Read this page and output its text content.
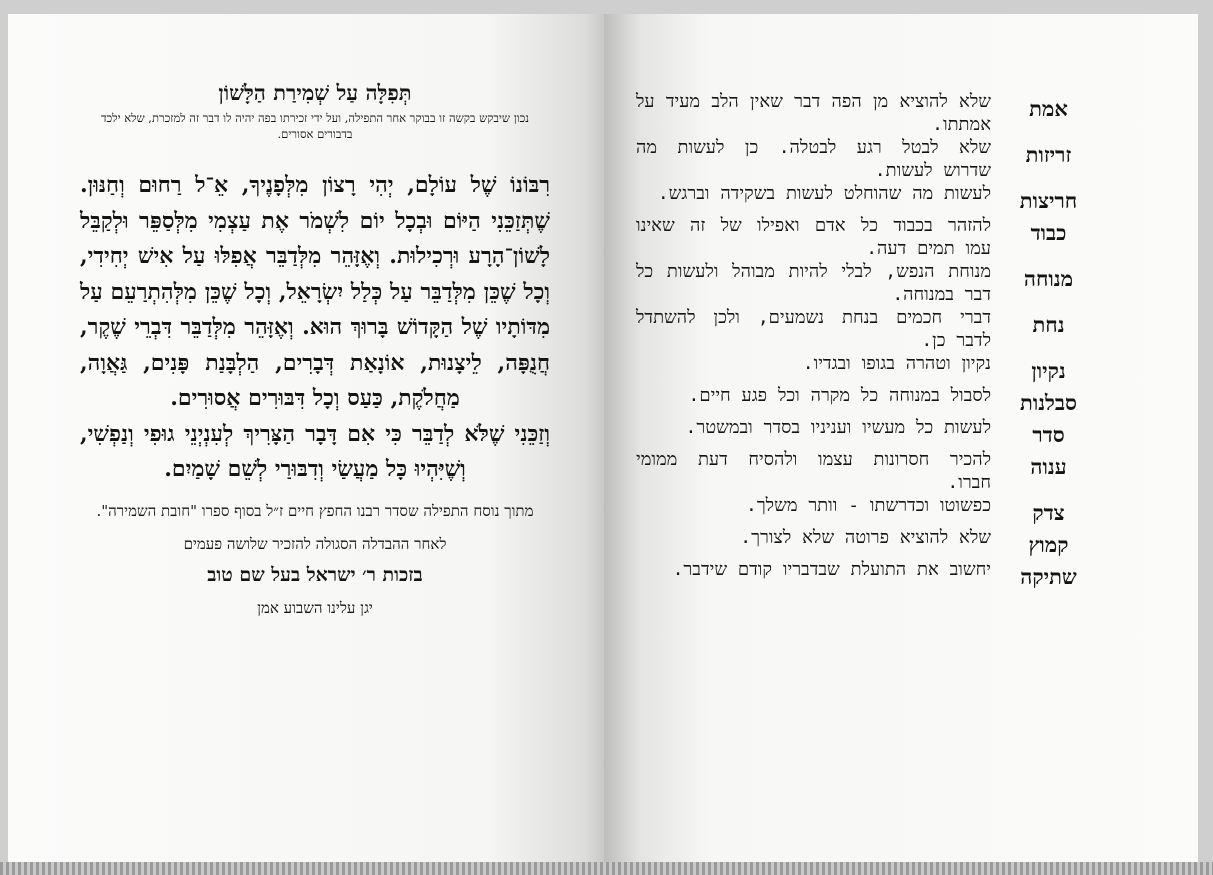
תְּפִלָּה עַל שְׁמִירַת הַלָּשׁוֹן
נכון שיבקש בקשה זו בבוקר אחר התפילה, ועל ידי זכירתו בפה יהיה לו דבר זה למזכרת, שלא ילכד בדבורים אסורים.

רִבּוֹנוֹ שֶׁל עוֹלָם, יְהִי רָצוֹן מִלְּפָנֶיךָ, אֵ־ל רַחוּם וְחַנּוּן. שֶׁתְּזַכֵּנִי הַיּוֹם וּבְכָל יוֹם לִשְׁמֹר אֶת עַצְמִי מִלְּסַפֵּר וּלְקַבֵּל לָשׁוֹן־הָרָע וּרְכִילוּת. וְאֶזָּהֵר מִלְּדַבֵּר אֲפִלּוּ עַל אִישׁ יְחִידִי, וְכָל שֶׁכֵּן מִלְּדַבֵּר עַל כְּלַל יִשְׂרָאֵל, וְכָל שֶׁכֵּן מִלְּהִתְרַעֵם עַל מִדּוֹתָיו שֶׁל הַקָּדוֹשׁ בָּרוּךְ הוּא. וְאֶזָּהֵר מִלְּדַבֵּר דִּבְרֵי שֶׁקֶר, חֲנֻפָּה, לֵיצָנוּת, אוֹנָאַת דְּבָרִים, הַלְבָּנַת פָּנִים, גַּאֲוָה, מַחֲלֹקֶת, כַּעַס וְכָל דִּבּוּרִים אֲסוּרִים.

וְזַכֵּנִי שֶׁלֹּא לְדַבֵּר כִּי אִם דָּבָר הַצָּרִיךְ לְעִנְיְנֵי גוּפִי וְנַפְשִׁי, וְשֶׁיִּהְיוּ כָּל מַעֲשַׂי וְדִבּוּרַי לְשֵׁם שָׁמַיִם.

מתוך נוסח התפילה שסדר רבנו החפץ חיים ז״ל בסוף ספרו "חובת השמירה".
לאחר ההבדלה הסגולה להזכיר שלושה פעמים
בזכות ר׳ ישראל בעל שם טוב
יגן עלינו השבוע אמן
אמת
שלא להוציא מן הפה דבר שאין הלב מעיד על אמתתו.
זריזות
שלא לבטל רגע לבטלה. כן לעשות מה שדרוש לעשות.
חריצות
לעשות מה שהוחלט לעשות בשקידה וברגש.
כבוד
להזהר בכבוד כל אדם ואפילו של זה שאינו עמו תמים דעה.
מנוחה
מנוחת הנפש, לבלי להיות מבוהל ולעשות כל דבר במנוחה.
נחת
דברי חכמים בנחת נשמעים, ולכן להשתדל לדבר כן.
נקיון
נקיון וטהרה בגופו ובגדיו.
סבלנות
לסבול במנוחה כל מקרה וכל פגע חיים.
סדר
לעשות כל מעשיו ועניניו בסדר ובמשטר.
ענוה
להכיר חסרונות עצמו ולהסיח דעת ממומי חברו.
צדק
כפשוטו וכדרשתו - וותר משלך.
קמוץ
שלא להוציא פרוטה שלא לצורך.
שתיקה
יחשוב את התועלת שבדבריו קודם שידבר.
